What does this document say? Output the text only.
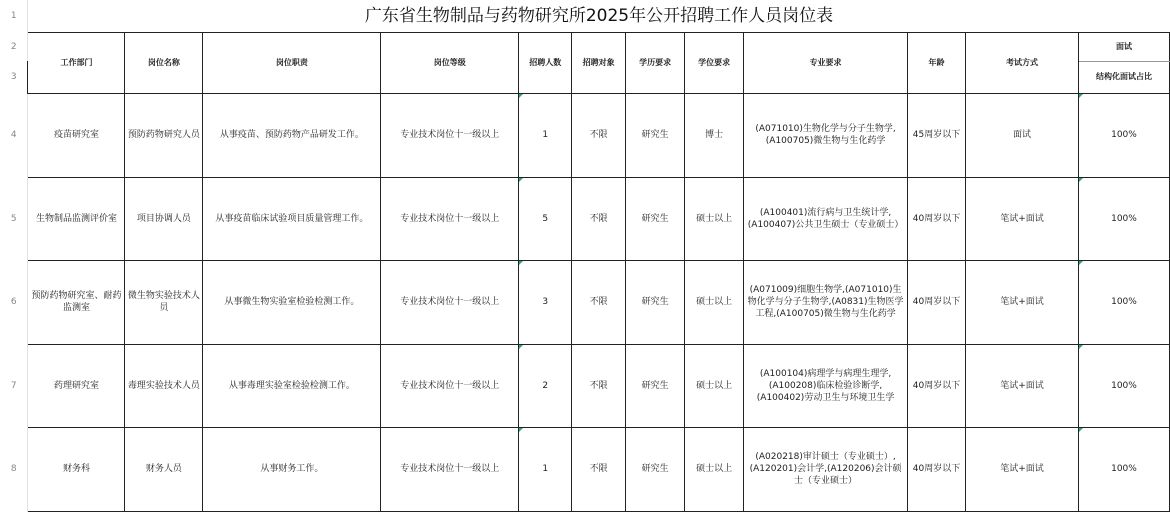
1	广东省生物制品与药物研究所2025年公开招聘工作人员岗位表											
2	工作部门	岗位名称	岗位职责	岗位等级	招聘人数	招聘对象	学历要求	学位要求	专业要求	年龄	考试方式	面试
3												结构化面试占比
4	疫苗研究室	预防药物研究人员	从事疫苗、预防药物产品研发工作。	专业技术岗位十一级以上	1	不限	研究生	博士	(A071010)生物化学与分子生物学,(A100705)微生物与生化药学	45周岁以下	面试	100%
5	生物制品监测评价室	项目协调人员	从事疫苗临床试验项目质量管理工作。	专业技术岗位十一级以上	5	不限	研究生	硕士以上	(A100401)流行病与卫生统计学,(A100407)公共卫生硕士（专业硕士）	40周岁以下	笔试+面试	100%
6	预防药物研究室、耐药监测室	微生物实验技术人员	从事微生物实验室检验检测工作。	专业技术岗位十一级以上	3	不限	研究生	硕士以上	(A071009)细胞生物学,(A071010)生物化学与分子生物学,(A0831)生物医学工程,(A100705)微生物与生化药学	40周岁以下	笔试+面试	100%
7	药理研究室	毒理实验技术人员	从事毒理实验室检验检测工作。	专业技术岗位十一级以上	2	不限	研究生	硕士以上	(A100104)病理学与病理生理学,(A100208)临床检验诊断学,(A100402)劳动卫生与环境卫生学	40周岁以下	笔试+面试	100%
8	财务科	财务人员	从事财务工作。	专业技术岗位十一级以上	1	不限	研究生	硕士以上	(A020218)审计硕士（专业硕士）,(A120201)会计学,(A120206)会计硕士（专业硕士）	40周岁以下	笔试+面试	100%
